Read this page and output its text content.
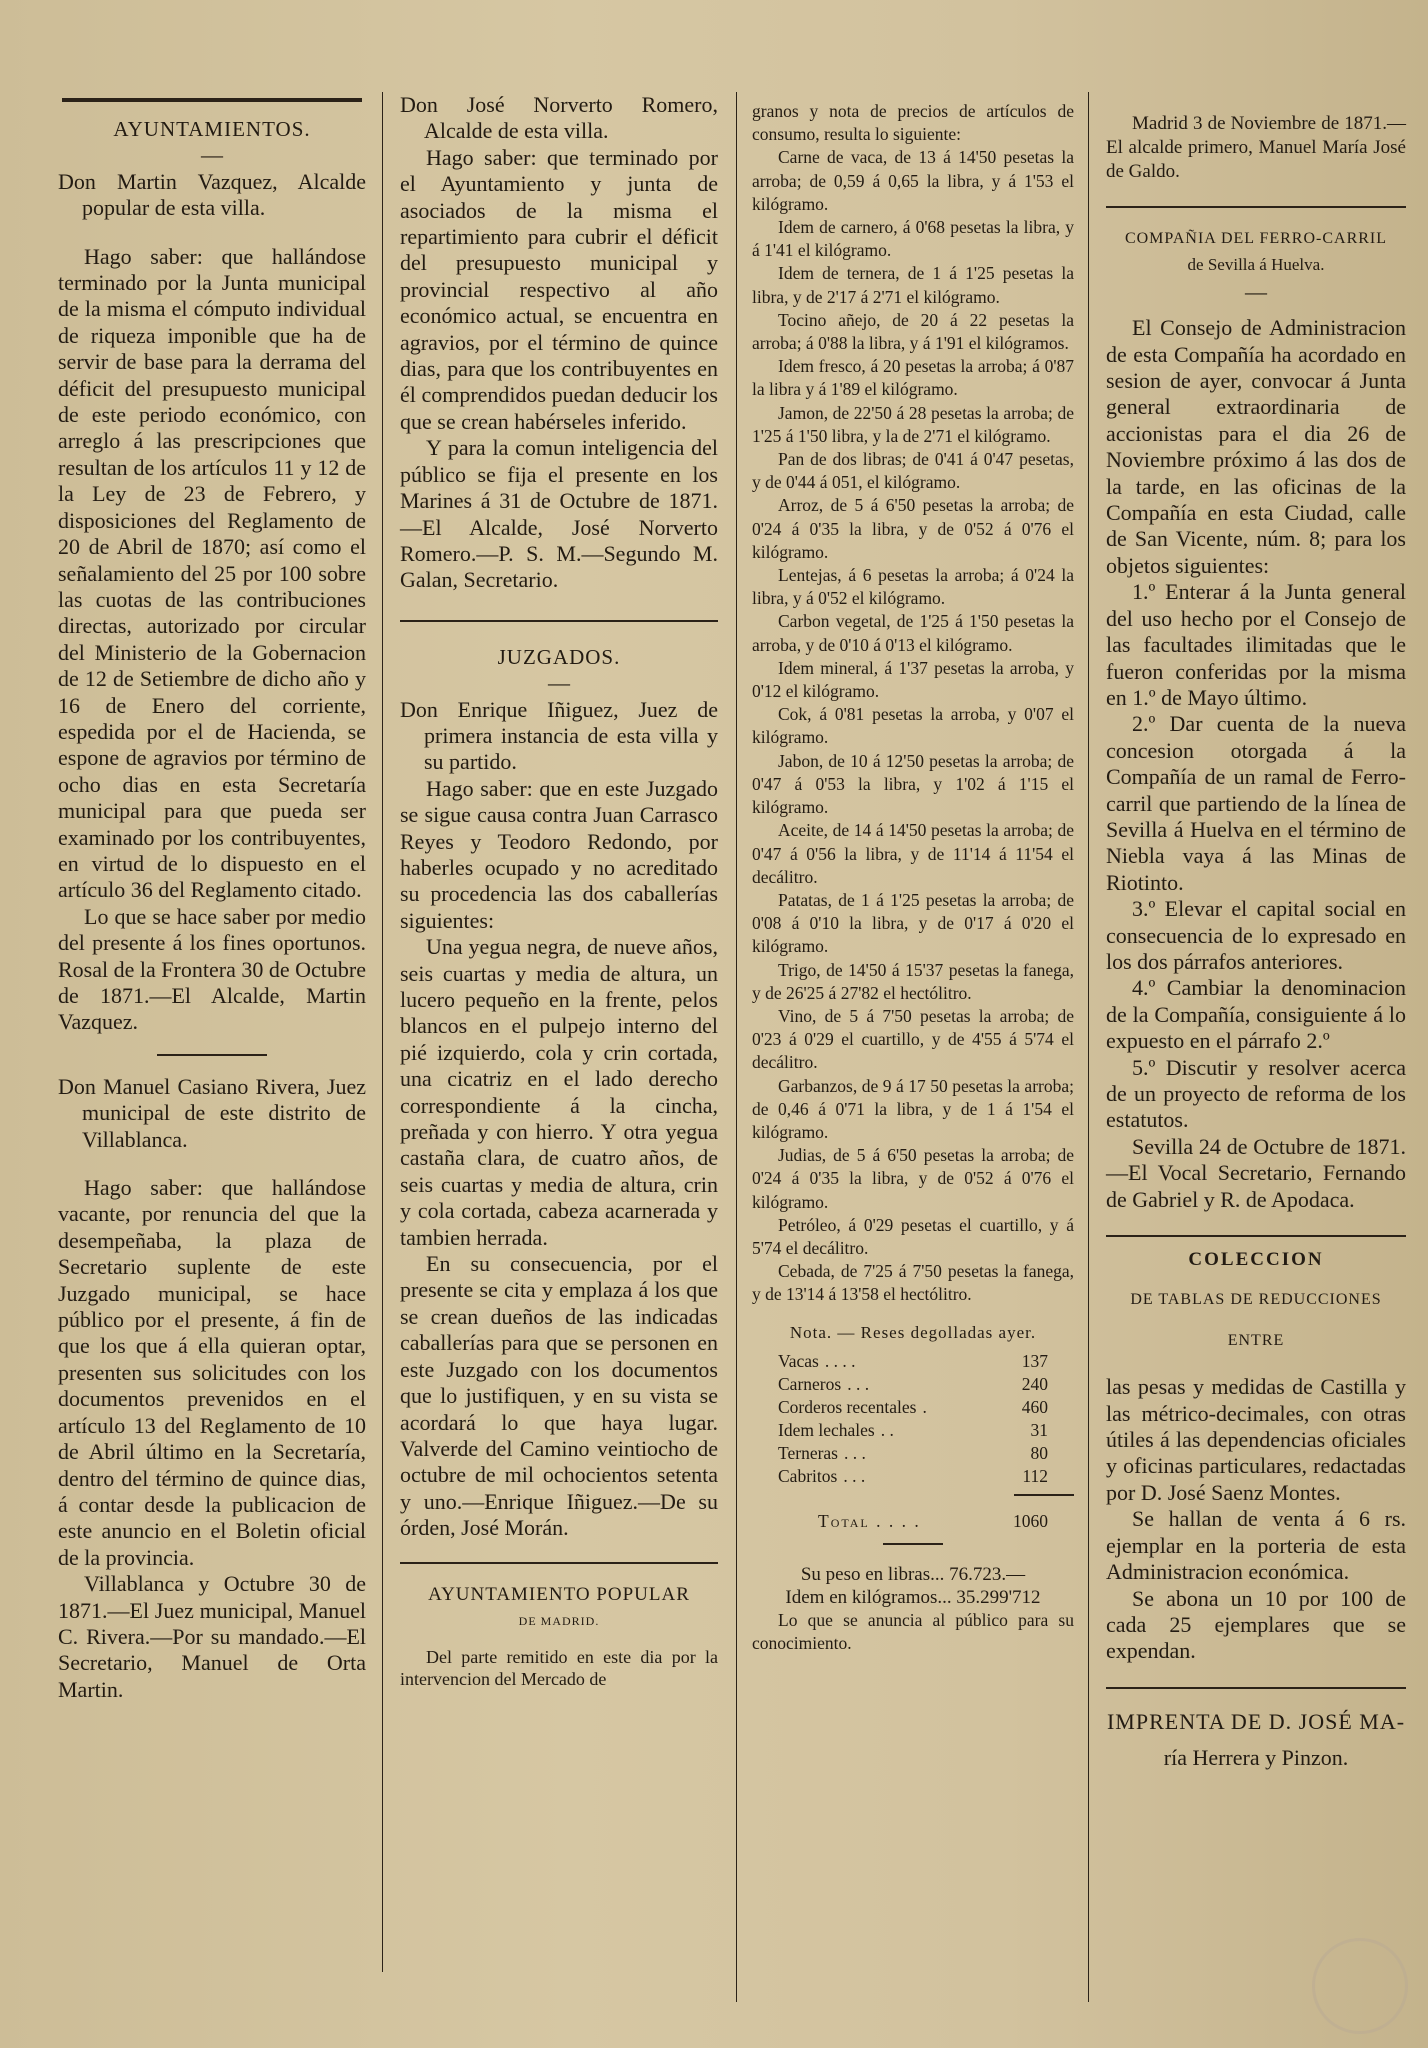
AYUNTAMIENTOS.

—

Don Martin Vazquez, Alcalde popular de esta villa.

Hago saber: que hallándose terminado por la Junta municipal de la misma el cómputo individual de riqueza imponible que ha de servir de base para la derrama del déficit del presupuesto municipal de este periodo económico, con arreglo á las prescripciones que resultan de los artículos 11 y 12 de la Ley de 23 de Febrero, y disposiciones del Reglamento de 20 de Abril de 1870; así como el señalamiento del 25 por 100 sobre las cuotas de las contribuciones directas, autorizado por circular del Ministerio de la Gobernacion de 12 de Setiembre de dicho año y 16 de Enero del corriente, espedida por el de Hacienda, se espone de agravios por término de ocho dias en esta Secretaría municipal para que pueda ser examinado por los contribuyentes, en virtud de lo dispuesto en el artículo 36 del Reglamento citado.

Lo que se hace saber por medio del presente á los fines oportunos. Rosal de la Frontera 30 de Octubre de 1871.—El Alcalde, Martin Vazquez.

Don Manuel Casiano Rivera, Juez municipal de este distrito de Villablanca.

Hago saber: que hallándose vacante, por renuncia del que la desempeñaba, la plaza de Secretario suplente de este Juzgado municipal, se hace público por el presente, á fin de que los que á ella quieran optar, presenten sus solicitudes con los documentos prevenidos en el artículo 13 del Reglamento de 10 de Abril último en la Secretaría, dentro del término de quince dias, á contar desde la publicacion de este anuncio en el Boletin oficial de la provincia.

Villablanca y Octubre 30 de 1871.—El Juez municipal, Manuel C. Rivera.—Por su mandado.—El Secretario, Manuel de Orta Martin.

Don José Norverto Romero, Alcalde de esta villa.

Hago saber: que terminado por el Ayuntamiento y junta de asociados de la misma el repartimiento para cubrir el déficit del presupuesto municipal y provincial respectivo al año económico actual, se encuentra en agravios, por el término de quince dias, para que los contribuyentes en él comprendidos puedan deducir los que se crean habérseles inferido.

Y para la comun inteligencia del público se fija el presente en los Marines á 31 de Octubre de 1871.—El Alcalde, José Norverto Romero.—P. S. M.—Segundo M. Galan, Secretario.

JUZGADOS.

—

Don Enrique Iñiguez, Juez de primera instancia de esta villa y su partido.

Hago saber: que en este Juzgado se sigue causa contra Juan Carrasco Reyes y Teodoro Redondo, por haberles ocupado y no acreditado su procedencia las dos caballerías siguientes:

Una yegua negra, de nueve años, seis cuartas y media de altura, un lucero pequeño en la frente, pelos blancos en el pulpejo interno del pié izquierdo, cola y crin cortada, una cicatriz en el lado derecho correspondiente á la cincha, preñada y con hierro. Y otra yegua castaña clara, de cuatro años, de seis cuartas y media de altura, crin y cola cortada, cabeza acarnerada y tambien herrada.

En su consecuencia, por el presente se cita y emplaza á los que se crean dueños de las indicadas caballerías para que se personen en este Juzgado con los documentos que lo justifiquen, y en su vista se acordará lo que haya lugar. Valverde del Camino veintiocho de octubre de mil ochocientos setenta y uno.—Enrique Iñiguez.—De su órden, José Morán.

AYUNTAMIENTO POPULAR

DE MADRID.

Del parte remitido en este dia por la intervencion del Mercado de

granos y nota de precios de artículos de consumo, resulta lo siguiente:

Carne de vaca, de 13 á 14'50 pesetas la arroba; de 0,59 á 0,65 la libra, y á 1'53 el kilógramo.

Idem de carnero, á 0'68 pesetas la libra, y á 1'41 el kilógramo.

Idem de ternera, de 1 á 1'25 pesetas la libra, y de 2'17 á 2'71 el kilógramo.

Tocino añejo, de 20 á 22 pesetas la arroba; á 0'88 la libra, y á 1'91 el kilógramos.

Idem fresco, á 20 pesetas la arroba; á 0'87 la libra y á 1'89 el kilógramo.

Jamon, de 22'50 á 28 pesetas la arroba; de 1'25 á 1'50 libra, y la de 2'71 el kilógramo.

Pan de dos libras; de 0'41 á 0'47 pesetas, y de 0'44 á 051, el kilógramo.

Arroz, de 5 á 6'50 pesetas la arroba; de 0'24 á 0'35 la libra, y de 0'52 á 0'76 el kilógramo.

Lentejas, á 6 pesetas la arroba; á 0'24 la libra, y á 0'52 el kilógramo.

Carbon vegetal, de 1'25 á 1'50 pesetas la arroba, y de 0'10 á 0'13 el kilógramo.

Idem mineral, á 1'37 pesetas la arroba, y 0'12 el kilógramo.

Cok, á 0'81 pesetas la arroba, y 0'07 el kilógramo.

Jabon, de 10 á 12'50 pesetas la arroba; de 0'47 á 0'53 la libra, y 1'02 á 1'15 el kilógramo.

Aceite, de 14 á 14'50 pesetas la arroba; de 0'47 á 0'56 la libra, y de 11'14 á 11'54 el decálitro.

Patatas, de 1 á 1'25 pesetas la arroba; de 0'08 á 0'10 la libra, y de 0'17 á 0'20 el kilógramo.

Trigo, de 14'50 á 15'37 pesetas la fanega, y de 26'25 á 27'82 el hectólitro.

Vino, de 5 á 7'50 pesetas la arroba; de 0'23 á 0'29 el cuartillo, y de 4'55 á 5'74 el decálitro.

Garbanzos, de 9 á 17 50 pesetas la arroba; de 0,46 á 0'71 la libra, y de 1 á 1'54 el kilógramo.

Judias, de 5 á 6'50 pesetas la arroba; de 0'24 á 0'35 la libra, y de 0'52 á 0'76 el kilógramo.

Petróleo, á 0'29 pesetas el cuartillo, y á 5'74 el decálitro.

Cebada, de 7'25 á 7'50 pesetas la fanega, y de 13'14 á 13'58 el hectólitro.

Nota. — Reses degolladas ayer.

Vacas . . . .	137
Carneros . . .	240
Corderos recentales .	460
Idem lechales . .	31
Terneras . . .	80
Cabritos . . .	112
Total . . . .	1060

Su peso en libras... 76.723.—

Idem en kilógramos... 35.299'712

Lo que se anuncia al público para su conocimiento.

Madrid 3 de Noviembre de 1871.—El alcalde primero, Manuel María José de Galdo.

COMPAÑIA DEL FERRO-CARRIL

de Sevilla á Huelva.

—

El Consejo de Administracion de esta Compañía ha acordado en sesion de ayer, convocar á Junta general extraordinaria de accionistas para el dia 26 de Noviembre próximo á las dos de la tarde, en las oficinas de la Compañía en esta Ciudad, calle de San Vicente, núm. 8; para los objetos siguientes:

1.º Enterar á la Junta general del uso hecho por el Consejo de las facultades ilimitadas que le fueron conferidas por la misma en 1.º de Mayo último.

2.º Dar cuenta de la nueva concesion otorgada á la Compañía de un ramal de Ferro-carril que partiendo de la línea de Sevilla á Huelva en el término de Niebla vaya á las Minas de Riotinto.

3.º Elevar el capital social en consecuencia de lo expresado en los dos párrafos anteriores.

4.º Cambiar la denominacion de la Compañía, consiguiente á lo expuesto en el párrafo 2.º

5.º Discutir y resolver acerca de un proyecto de reforma de los estatutos.

Sevilla 24 de Octubre de 1871.—El Vocal Secretario, Fernando de Gabriel y R. de Apodaca.

COLECCION

DE TABLAS DE REDUCCIONES

ENTRE

las pesas y medidas de Castilla y las métrico-decimales, con otras útiles á las dependencias oficiales y oficinas particulares, redactadas por D. José Saenz Montes.

Se hallan de venta á 6 rs. ejemplar en la porteria de esta Administracion económica.

Se abona un 10 por 100 de cada 25 ejemplares que se expendan.

IMPRENTA DE D. JOSÉ MA-

ría Herrera y Pinzon.
